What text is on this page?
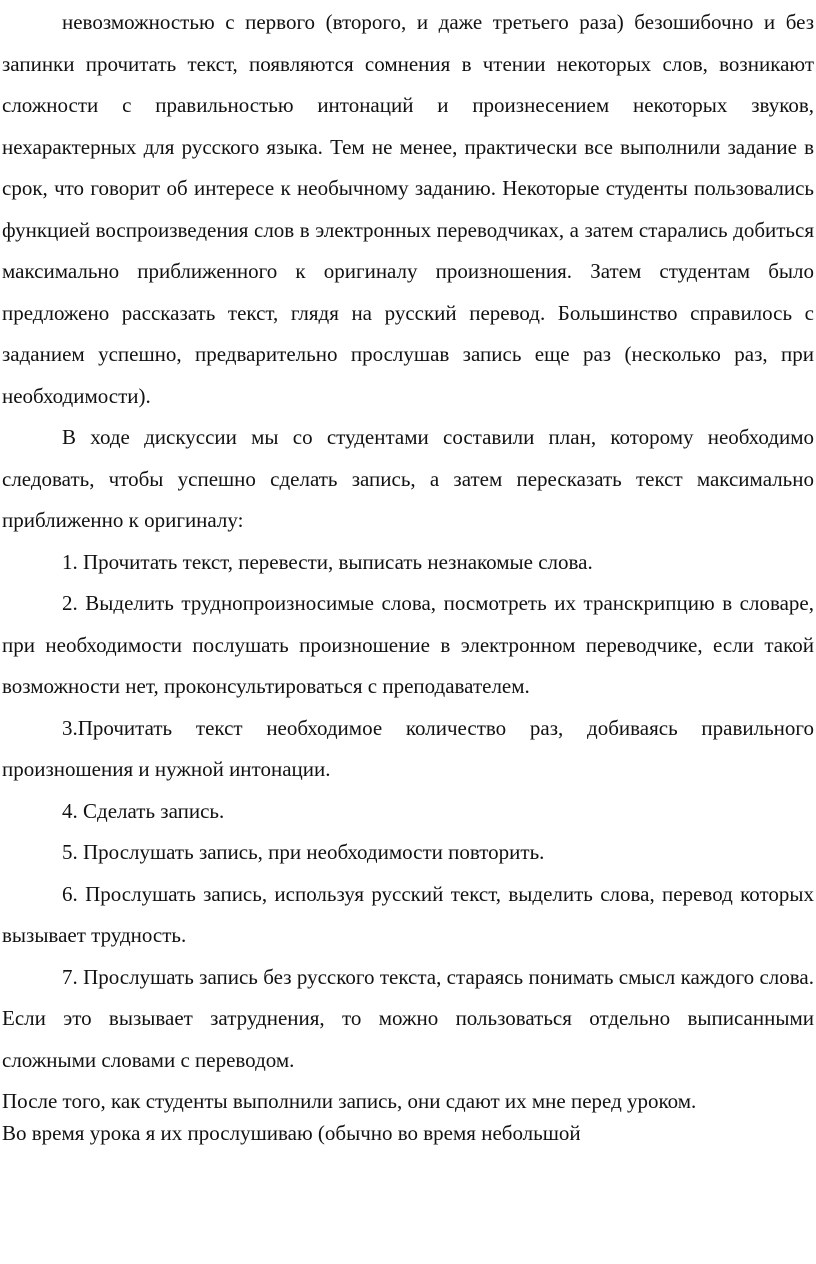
невозможностью с первого (второго, и даже третьего раза) безошибочно и без запинки прочитать текст, появляются сомнения в чтении некоторых слов, возникают сложности с правильностью интонаций и произнесением некоторых звуков, нехарактерных для русского языка. Тем не менее, практически все выполнили задание в срок, что говорит об интересе к необычному заданию. Некоторые студенты пользовались функцией воспроизведения слов в электронных переводчиках, а затем старались добиться максимально приближенного к оригиналу произношения. Затем студентам было предложено рассказать текст, глядя на русский перевод. Большинство справилось с заданием успешно, предварительно прослушав запись еще раз (несколько раз, при необходимости).

В ходе дискуссии мы со студентами составили план, которому необходимо следовать, чтобы успешно сделать запись, а затем пересказать текст максимально приближенно к оригиналу:

1. Прочитать текст, перевести, выписать незнакомые слова.

2. Выделить труднопроизносимые слова, посмотреть их транскрипцию в словаре, при необходимости послушать произношение в электронном переводчике, если такой возможности нет, проконсультироваться с преподавателем.

3.Прочитать текст необходимое количество раз, добиваясь правильного произношения и нужной интонации.

4. Сделать запись.

5. Прослушать запись, при необходимости повторить.

6. Прослушать запись, используя русский текст, выделить слова, перевод которых вызывает трудность.

7. Прослушать запись без русского текста, стараясь понимать смысл каждого слова. Если это вызывает затруднения, то можно пользоваться отдельно выписанными сложными словами с переводом.

После того, как студенты выполнили запись, они сдают их мне перед уроком.

Во время урока я их прослушиваю (обычно во время небольшой
